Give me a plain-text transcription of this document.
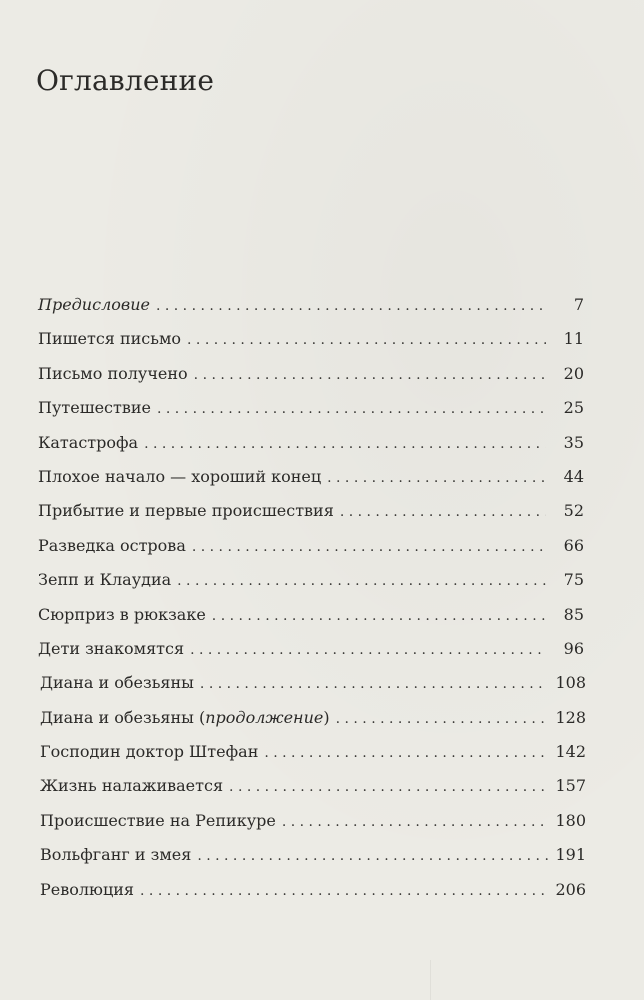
Оглавление
Предисловие . . .	7
Пишется письмо . . .	11
Письмо получено . . .	20
Путешествие . . .	25
Катастрофа . . .	35
Плохое начало — хороший конец . . .	44
Прибытие и первые происшествия . . .	52
Разведка острова . . .	66
Зепп и Клаудиа . . .	75
Сюрприз в рюкзаке . . .	85
Дети знакомятся . . .	96
Диана и обезьяны . . .	108
Диана и обезьяны (продолжение) . . .	128
Господин доктор Штефан . . .	142
Жизнь налаживается . . .	157
Происшествие на Репикуре . . .	180
Вольфганг и змея . . .	191
Революция . . .	206
